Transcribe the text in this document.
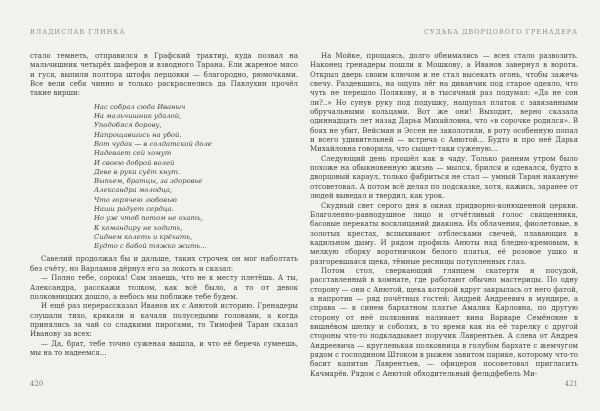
ВЛАДИСЛАВ ГЛИНКА

стало темнеть, отправился в Графский трактир, куда позвал на мальчишник четырёх шаферов и взводного Тарана. Ели жареное мясо и гуся, выпили полтора штофа перцовки — благородно, рюмочками. Все вели себя чинно и только раскраснелись да Павлухин прочёл такие вирши:

Нас собрал сюда Иваныч
На мальчишник удалой,
Уподобяся борову,
Напрощавшись на убой.
Вот чудак — в солдатской доле
Надевает сей хомут
И своею доброй волей
Деве в руки суёт кнут.
Выпьем, братцы, за здоровье
Александра молодца,
Что горячею любовью
Наши радует сердца.
Но уж чтоб потом не охать,
К командиру не ходить,
Сиднем колеть и крёхать,
Будто с бабой тяжко жить...

Савелий продолжал бы и дальше, таких строчек он мог наболтать без счёту, но Варламов дёрнул его за локоть и сказал:

— Полно тебе, сорока! Сам знаешь, что не к месту плетёшь. А ты, Александра, расскажи толком, как всё было, а то от девок полковницких дошло, а небось мы поближе тебе будем.

И ещё раз перерассказал Иванов их с Анютой историю. Гренадеры слушали тихо, крякали и качали полуседыми головами, а когда принялись за чай со сладкими пирогами, то Тимофей Таран сказал Иванову за всех:

— Да, брат, тебе точно суженая вышла, и что её беречь сумеешь, мы на то надеемся...

420
СУДЬБА ДВОРЦОВОГО ГРЕНАДЕРА

На Мойке, прощаясь, долго обнимались — всех стало развозить. Наконец гренадеры пошли к Мошкову, а Иванов завернул в ворота. Открыл дверь своим ключом и не стал высекать огонь, чтобы зажечь свечу. Раздевшись, на ощупь лёг на диванчик под старое одеяло, что чуть не перешло Полякову, и в тысячный раз подумал: «Да не сон ли?..» Но сунув руку под подушку, нащупал платок с завязанными обручальными кольцами. Вот же они! Выходит, верно сказала одиннадцать лет назад Дарья Михайловна, что «в сорочке родился». В боях не убит, Вейсман и Эссен не заколотили, в роту особенную попал и всего удивительней — встреча с Анютой... Будто и про неё Дарья Михайловна говорила, что сыщет-таки суженую...

Следующий день прошёл как в чаду. Только ранним утром было похоже на обыкновенную жизнь — мылся, брился и одевался, будто в дворцовый караул, только фабриться не стал — умный Таран накануне отсоветовал. А потом всё делал по подсказке, хотя, кажись, заранее от людей выведал и твердил, как урок.

Скудный свет серого дня в окнах придворно-конюшенной церкви. Благолепно-равнодушное лицо и отчётливый голос священника, басовые перекаты восклицаний диакона. Их облачения, фиолетовые, в золотых крестах, вспыхивают отблесками свечей, плавающих в кадильном дыму. И рядом профиль Анюты над бледно-кремовым, в мелкую сборку воротничком белого платья, её розовое ушко и разгоревшаяся щека, тёмные ресницы потупленных глаз.

Потом стол, сверкающий глянцем скатерти и посудой, расставленный в комнате, где работают обычно мастерицы. По одну сторону — они с Анютой, щека которой вдруг закрылась от него фатой, а напротив — ряд почётных гостей: Андрей Андреевич в мундире, а справа — в синем бархатном платье Амалия Карловна, по другую сторону от неё полковник наливает вина Варваре Семёновне в вишнёвом шелку и соболях, в то время как на её тарелку с другой стороны что-то подкладывает поручик Лаврентьев. А слева от Андрея Андреевича — кругленькая полковница в голубом бархате с жемчугом рядом с господином Штоком в рыжем завитом парике, которому что-то басит капитан Лаврентьев, — офицеров посоветовал пригласить Качмарёв. Рядом с Анютой обходительный фельдфебель Ми-

421
